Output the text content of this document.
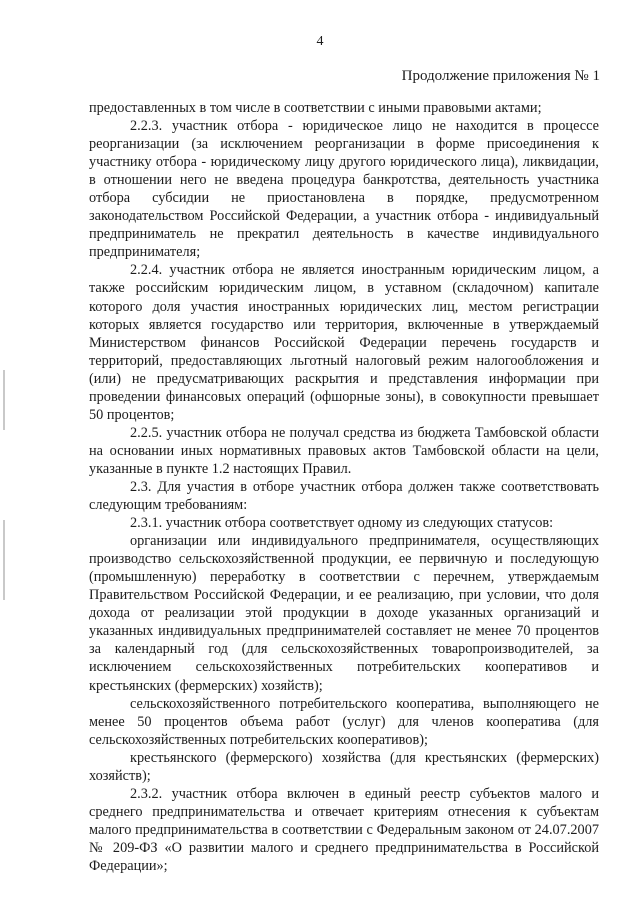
4
Продолжение приложения № 1

предоставленных в том числе в соответствии с иными правовыми актами;

2.2.3. участник отбора - юридическое лицо не находится в процессе реорганизации (за исключением реорганизации в форме присоединения к участнику отбора - юридическому лицу другого юридического лица), ликвидации, в отношении него не введена процедура банкротства, деятельность участника отбора субсидии не приостановлена в порядке, предусмотренном законодательством Российской Федерации, а участник отбора - индивидуальный предприниматель не прекратил деятельность в качестве индивидуального предпринимателя;

2.2.4. участник отбора не является иностранным юридическим лицом, а также российским юридическим лицом, в уставном (складочном) капитале которого доля участия иностранных юридических лиц, местом регистрации которых является государство или территория, включенные в утверждаемый Министерством финансов Российской Федерации перечень государств и территорий, предоставляющих льготный налоговый режим налогообложения и (или) не предусматривающих раскрытия и представления информации при проведении финансовых операций (офшорные зоны), в совокупности превышает 50 процентов;

2.2.5. участник отбора не получал средства из бюджета Тамбовской области на основании иных нормативных правовых актов Тамбовской области на цели, указанные в пункте 1.2 настоящих Правил.

2.3. Для участия в отборе участник отбора должен также соответствовать следующим требованиям:

2.3.1. участник отбора соответствует одному из следующих статусов:

организации или индивидуального предпринимателя, осуществляющих производство сельскохозяйственной продукции, ее первичную и последующую (промышленную) переработку в соответствии с перечнем, утверждаемым Правительством Российской Федерации, и ее реализацию, при условии, что доля дохода от реализации этой продукции в доходе указанных организаций и указанных индивидуальных предпринимателей составляет не менее 70 процентов за календарный год (для сельскохозяйственных товаропроизводителей, за исключением сельскохозяйственных потребительских кооперативов и крестьянских (фермерских) хозяйств);

сельскохозяйственного потребительского кооператива, выполняющего не менее 50 процентов объема работ (услуг) для членов кооператива (для сельскохозяйственных потребительских кооперативов);

крестьянского (фермерского) хозяйства (для крестьянских (фермерских) хозяйств);

2.3.2. участник отбора включен в единый реестр субъектов малого и среднего предпринимательства и отвечает критериям отнесения к субъектам малого предпринимательства в соответствии с Федеральным законом от 24.07.2007 № 209-ФЗ «О развитии малого и среднего предпринимательства в Российской Федерации»;
